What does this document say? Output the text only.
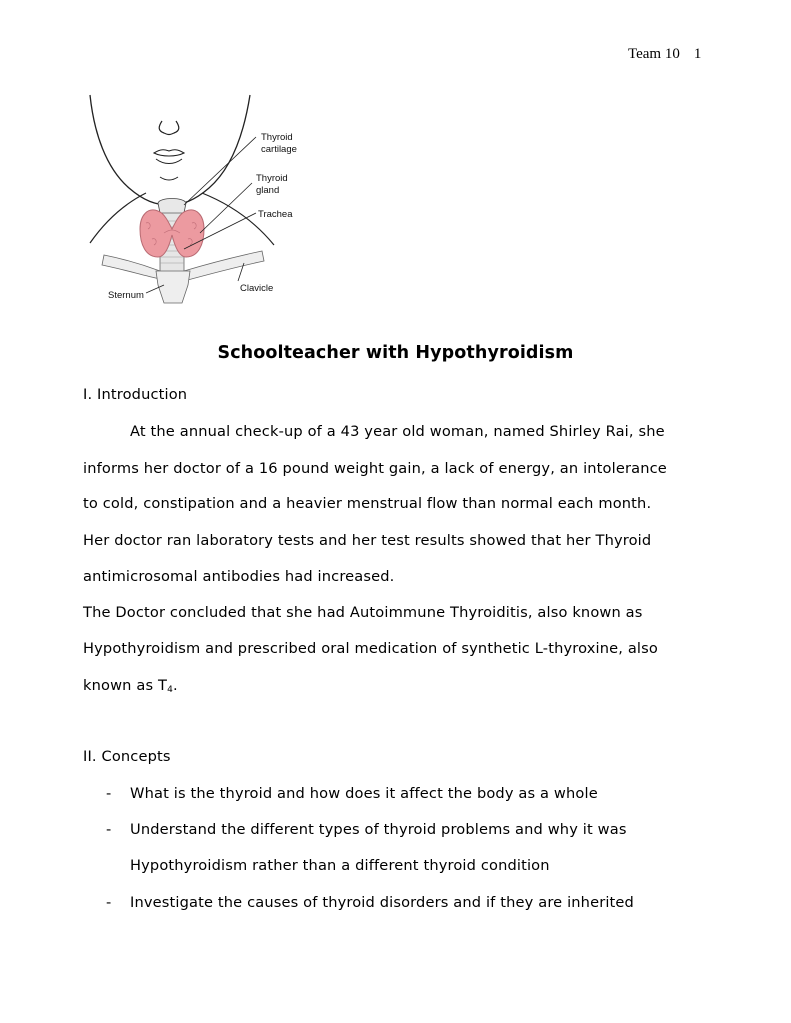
Team 10 1
Thyroid
cartilage
Thyroid
gland
Trachea
Clavicle
Sternum
Schoolteacher with Hypothyroidism
I. Introduction
At the annual check-up of a 43 year old woman, named Shirley Rai, she
informs her doctor of a 16 pound weight gain, a lack of energy, an intolerance
to cold, constipation and a heavier menstrual flow than normal each month.
Her doctor ran laboratory tests and her test results showed that her Thyroid
antimicrosomal antibodies had increased.
The Doctor concluded that she had Autoimmune Thyroiditis, also known as
Hypothyroidism and prescribed oral medication of synthetic L-thyroxine, also
known as $T_4$.
II. Concepts
- What is the thyroid and how does it affect the body as a whole
- Understand the different types of thyroid problems and why it was
Hypothyroidism rather than a different thyroid condition
- Investigate the causes of thyroid disorders and if they are inherited
